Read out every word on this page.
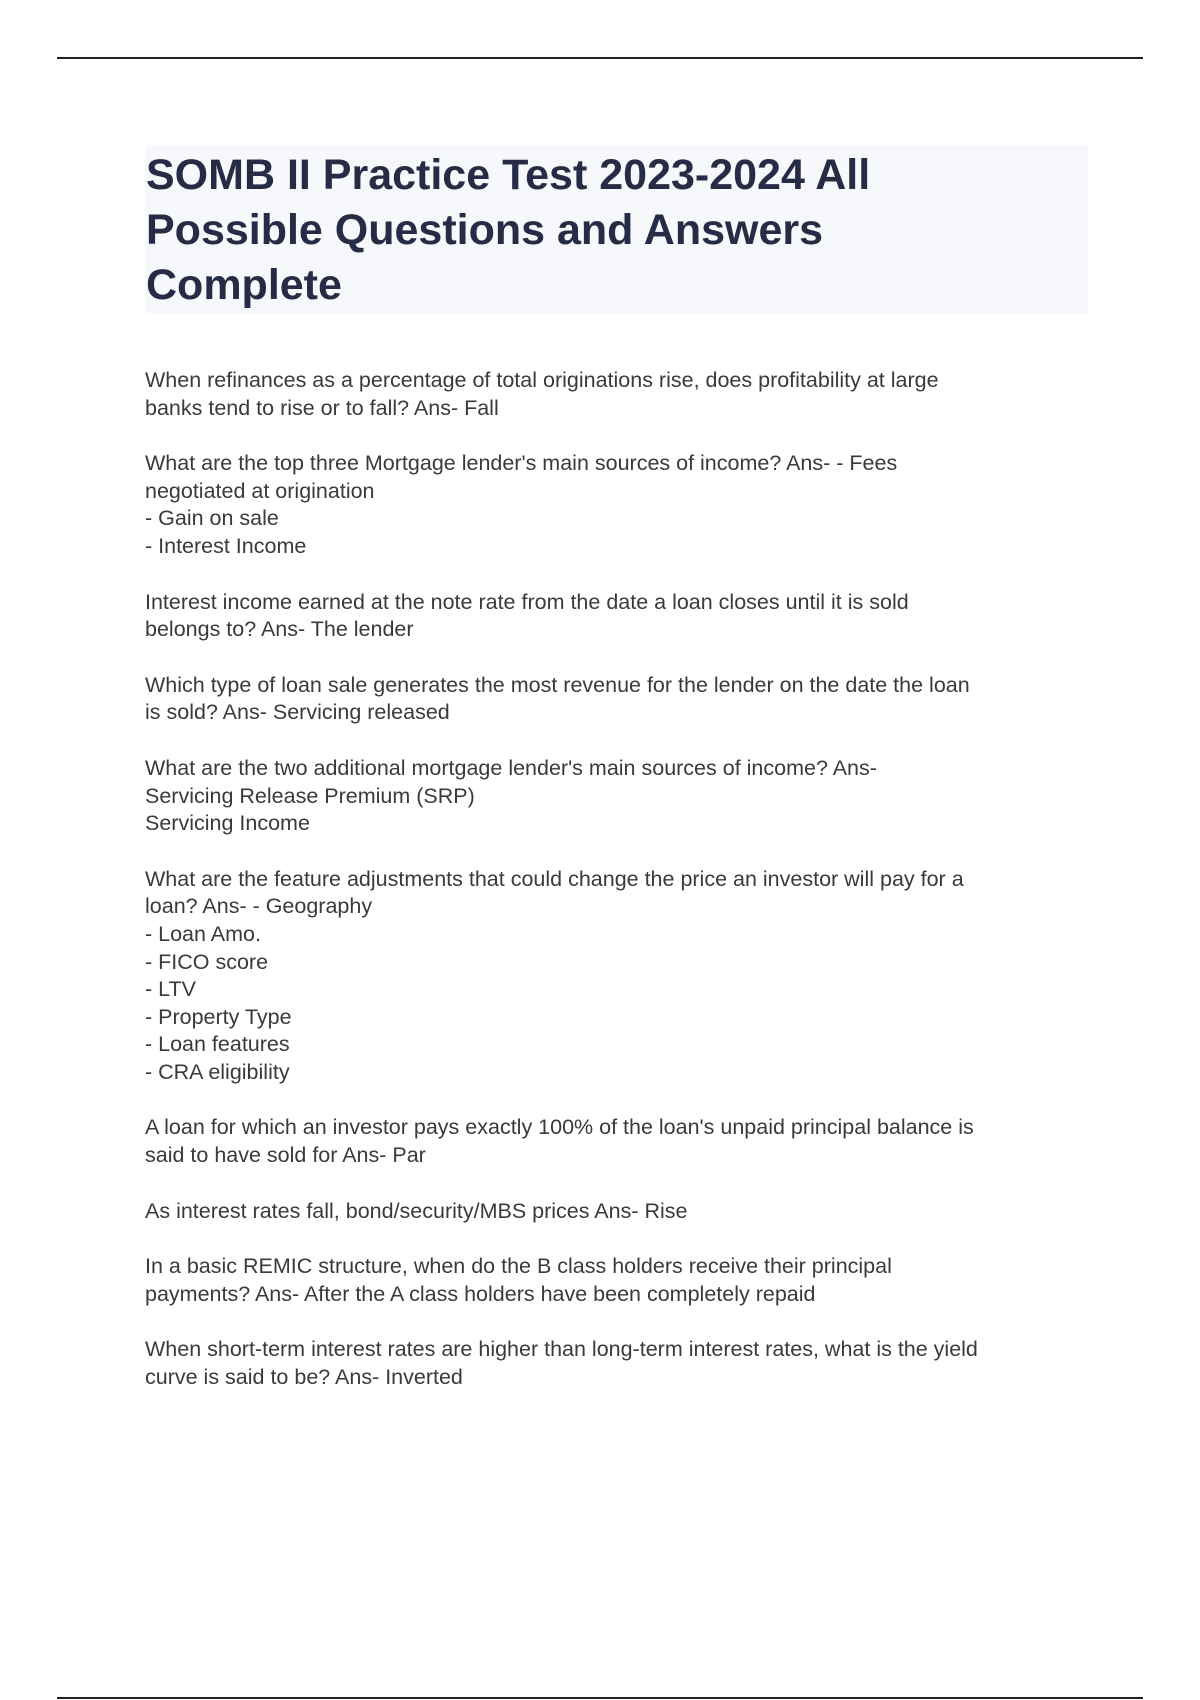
SOMB II Practice Test 2023-2024 All
Possible Questions and Answers
Complete

When refinances as a percentage of total originations rise, does profitability at large
banks tend to rise or to fall? Ans- Fall

What are the top three Mortgage lender's main sources of income? Ans- - Fees
negotiated at origination
- Gain on sale
- Interest Income

Interest income earned at the note rate from the date a loan closes until it is sold
belongs to? Ans- The lender

Which type of loan sale generates the most revenue for the lender on the date the loan
is sold? Ans- Servicing released

What are the two additional mortgage lender's main sources of income? Ans-
Servicing Release Premium (SRP)
Servicing Income

What are the feature adjustments that could change the price an investor will pay for a
loan? Ans- - Geography
- Loan Amo.
- FICO score
- LTV
- Property Type
- Loan features
- CRA eligibility

A loan for which an investor pays exactly 100% of the loan's unpaid principal balance is
said to have sold for Ans- Par

As interest rates fall, bond/security/MBS prices Ans- Rise

In a basic REMIC structure, when do the B class holders receive their principal
payments? Ans- After the A class holders have been completely repaid

When short-term interest rates are higher than long-term interest rates, what is the yield
curve is said to be? Ans- Inverted
